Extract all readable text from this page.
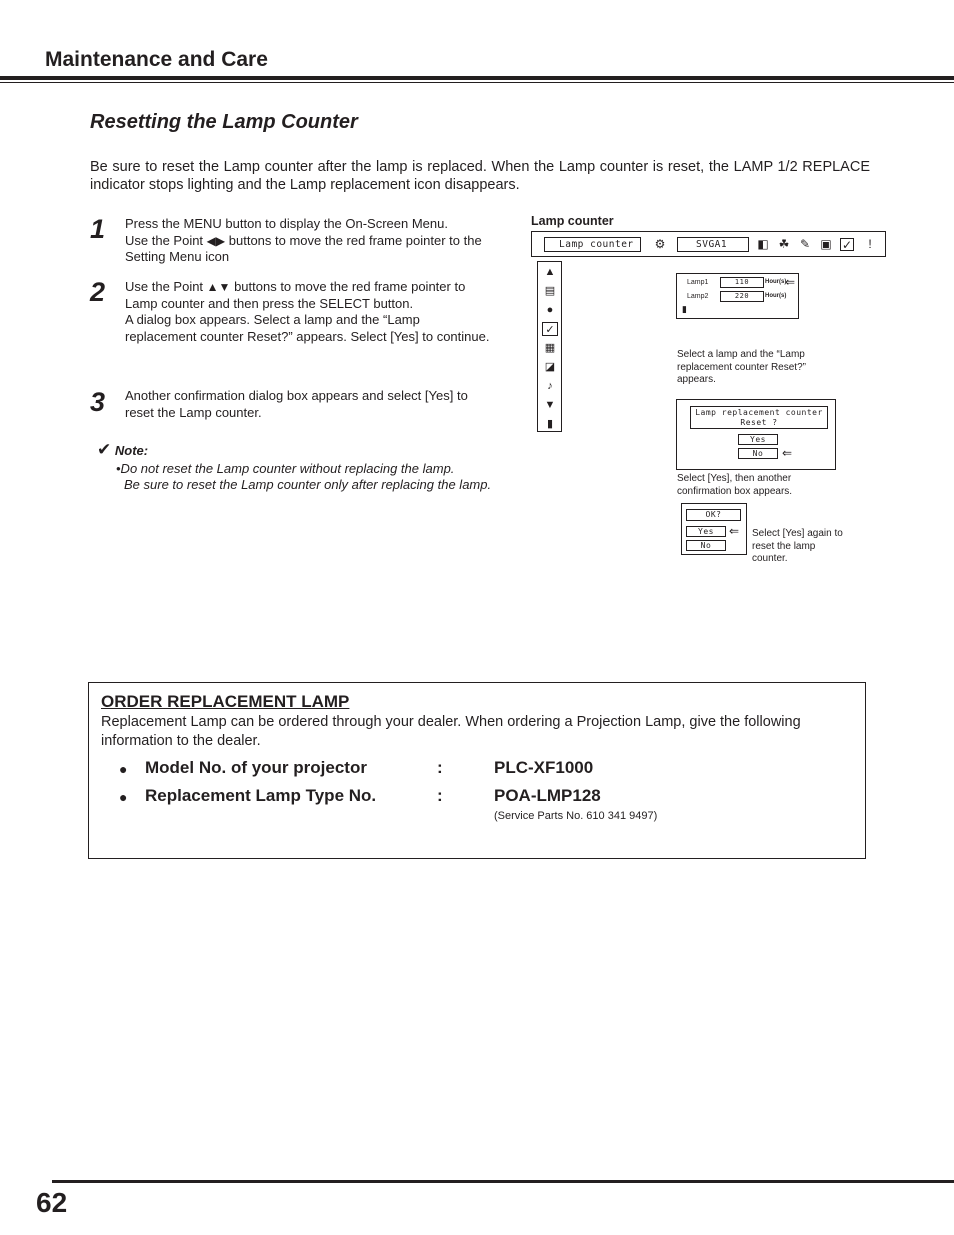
Maintenance and Care
Resetting the Lamp Counter
Be sure to reset the Lamp counter after the lamp is replaced. When the Lamp counter is reset, the LAMP 1/2 REPLACE indicator stops lighting and the Lamp replacement icon disappears.
1 Press the MENU button to display the On-Screen Menu.
Use the Point ◀▶ buttons to move the red frame pointer to the Setting Menu icon
2 Use the Point ▲▼ buttons to move the red frame pointer to Lamp counter and then press the SELECT button.
A dialog box appears. Select a lamp and the “Lamp replacement counter Reset?” appears. Select [Yes] to continue.
3 Another confirmation dialog box appears and select [Yes] to reset the Lamp counter.
✔ Note:
•Do not reset the Lamp counter without replacing the lamp.
Be sure to reset the Lamp counter only after replacing the lamp.
Lamp counter
Lamp counter	⚙	SVGA1	◧ ☘ ✎ ▣ ✓	ǃ
▲
▤
●
✓
▦
◪
♪
▼
▮
Lamp1	110	Hour(s)
⇐
Lamp2	220	Hour(s)
▮
Select a lamp and the “Lamp replacement counter Reset?” appears.
Lamp replacement counter
Reset ?
Yes
No	⇐
Select [Yes], then another confirmation box appears.
OK?
Yes	⇐
No
Select [Yes] again to reset the lamp counter.
ORDER REPLACEMENT LAMP
Replacement Lamp can be ordered through your dealer. When ordering a Projection Lamp, give the following information to the dealer.
● Model No. of your projector	:	PLC-XF1000
● Replacement Lamp Type No.	:	POA-LMP128
(Service Parts No. 610 341 9497)
62
